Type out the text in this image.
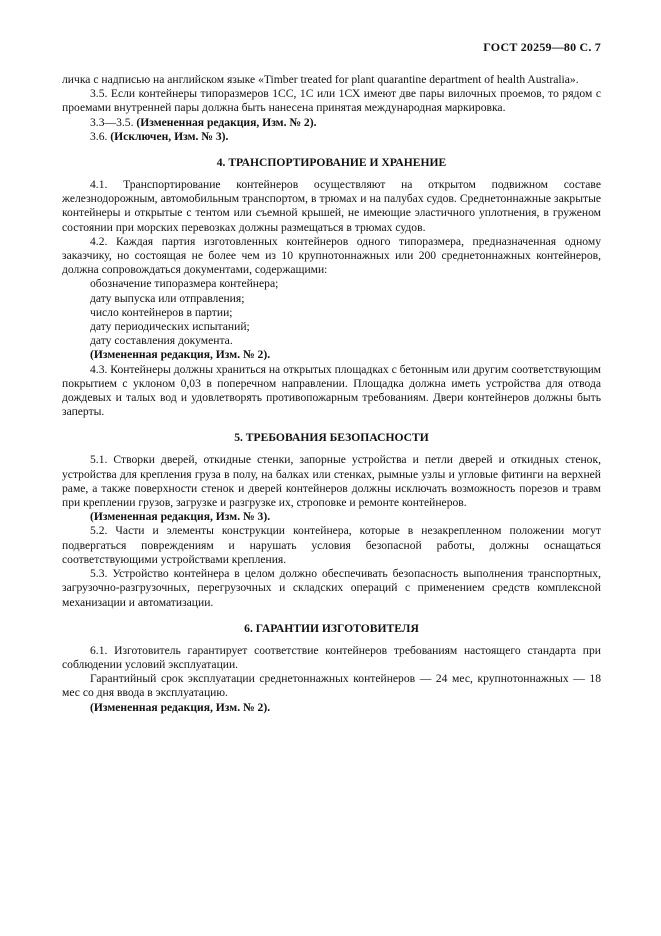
ГОСТ 20259—80 С. 7

личка с надписью на английском языке «Timber treated for plant quarantine department of health Australia».

3.5. Если контейнеры типоразмеров 1СС, 1С или 1СХ имеют две пары вилочных проемов, то рядом с проемами внутренней пары должна быть нанесена принятая международная маркировка.

3.3—3.5. (Измененная редакция, Изм. № 2).

3.6. (Исключен, Изм. № 3).

4. ТРАНСПОРТИРОВАНИЕ И ХРАНЕНИЕ

4.1. Транспортирование контейнеров осуществляют на открытом подвижном составе железнодорожным, автомобильным транспортом, в трюмах и на палубах судов. Среднетоннажные закрытые контейнеры и открытые с тентом или съемной крышей, не имеющие эластичного уплотнения, в груженом состоянии при морских перевозках должны размещаться в трюмах судов.

4.2. Каждая партия изготовленных контейнеров одного типоразмера, предназначенная одному заказчику, но состоящая не более чем из 10 крупнотоннажных или 200 среднетоннажных контейнеров, должна сопровождаться документами, содержащими:

обозначение типоразмера контейнера;

дату выпуска или отправления;

число контейнеров в партии;

дату периодических испытаний;

дату составления документа.

(Измененная редакция, Изм. № 2).

4.3. Контейнеры должны храниться на открытых площадках с бетонным или другим соответствующим покрытием с уклоном 0,03 в поперечном направлении. Площадка должна иметь устройства для отвода дождевых и талых вод и удовлетворять противопожарным требованиям. Двери контейнеров должны быть заперты.

5. ТРЕБОВАНИЯ БЕЗОПАСНОСТИ

5.1. Створки дверей, откидные стенки, запорные устройства и петли дверей и откидных стенок, устройства для крепления груза в полу, на балках или стенках, рымные узлы и угловые фитинги на верхней раме, а также поверхности стенок и дверей контейнеров должны исключать возможность порезов и травм при креплении грузов, загрузке и разгрузке их, строповке и ремонте контейнеров.

(Измененная редакция, Изм. № 3).

5.2. Части и элементы конструкции контейнера, которые в незакрепленном положении могут подвергаться повреждениям и нарушать условия безопасной работы, должны оснащаться соответствующими устройствами крепления.

5.3. Устройство контейнера в целом должно обеспечивать безопасность выполнения транспортных, загрузочно-разгрузочных, перегрузочных и складских операций с применением средств комплексной механизации и автоматизации.

6. ГАРАНТИИ ИЗГОТОВИТЕЛЯ

6.1. Изготовитель гарантирует соответствие контейнеров требованиям настоящего стандарта при соблюдении условий эксплуатации.

Гарантийный срок эксплуатации среднетоннажных контейнеров — 24 мес, крупнотоннажных — 18 мес со дня ввода в эксплуатацию.

(Измененная редакция, Изм. № 2).
